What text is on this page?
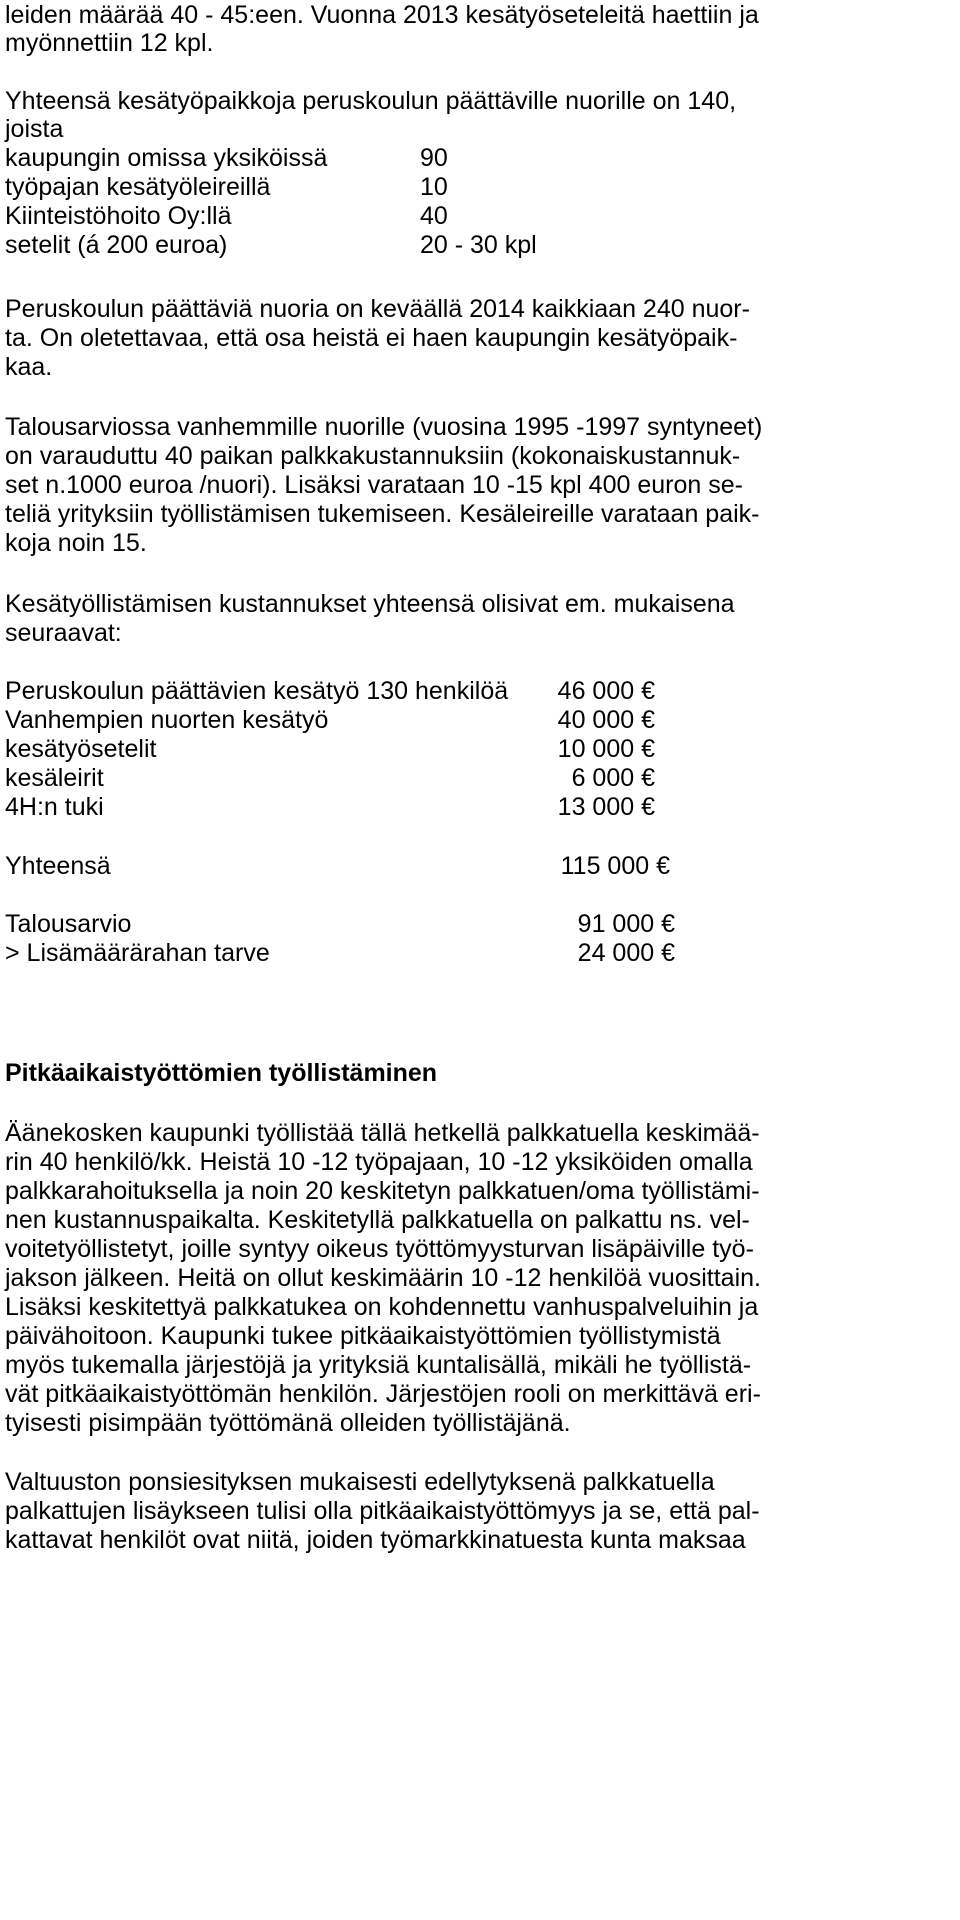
leiden määrää 40 - 45:een. Vuonna 2013 kesätyöseteleitä haettiin ja
myönnettiin 12 kpl.
Yhteensä kesätyöpaikkoja peruskoulun päättäville nuorille on 140,
joista
kaupungin omissa yksiköissä	90
työpajan kesätyöleireillä	10
Kiinteistöhoito Oy:llä	40
setelit (á 200 euroa)	20 - 30 kpl
Peruskoulun päättäviä nuoria on keväällä 2014 kaikkiaan 240 nuor-
ta. On oletettavaa, että osa heistä ei haen kaupungin kesätyöpaik-
kaa.
Talousarviossa vanhemmille nuorille (vuosina 1995 -1997 syntyneet)
on varauduttu 40 paikan palkkakustannuksiin (kokonaiskustannuk-
set n.1000 euroa /nuori). Lisäksi varataan 10 -15 kpl 400 euron se-
teliä yrityksiin työllistämisen tukemiseen. Kesäleireille varataan paik-
koja noin 15.
Kesätyöllistämisen kustannukset yhteensä olisivat em. mukaisena
seuraavat:
Peruskoulun päättävien kesätyö 130 henkilöä 46 000 €
Vanhempien nuorten kesätyö	40 000 €
kesätyösetelit	10 000 €
kesäleirit	6 000 €
4H:n tuki	13 000 €
Yhteensä	115 000 €
Talousarvio	91 000 €
> Lisämäärärahan tarve	24 000 €
Pitkäaikaistyöttömien työllistäminen
Äänekosken kaupunki työllistää tällä hetkellä palkkatuella keskimää-
rin 40 henkilö/kk. Heistä 10 -12 työpajaan, 10 -12 yksiköiden omalla
palkkarahoituksella ja noin 20 keskitetyn palkkatuen/oma työllistämi-
nen kustannuspaikalta. Keskitetyllä palkkatuella on palkattu ns. vel-
voitetyöllistetyt, joille syntyy oikeus työttömyysturvan lisäpäiville työ-
jakson jälkeen. Heitä on ollut keskimäärin 10 -12 henkilöä vuosittain.
Lisäksi keskitettyä palkkatukea on kohdennettu vanhuspalveluihin ja
päivähoitoon. Kaupunki tukee pitkäaikaistyöttömien työllistymistä
myös tukemalla järjestöjä ja yrityksiä kuntalisällä, mikäli he työllistä-
vät pitkäaikaistyöttömän henkilön. Järjestöjen rooli on merkittävä eri-
tyisesti pisimpään työttömänä olleiden työllistäjänä.
Valtuuston ponsiesityksen mukaisesti edellytyksenä palkkatuella
palkattujen lisäykseen tulisi olla pitkäaikaistyöttömyys ja se, että pal-
kattavat henkilöt ovat niitä, joiden työmarkkinatuesta kunta maksaa
